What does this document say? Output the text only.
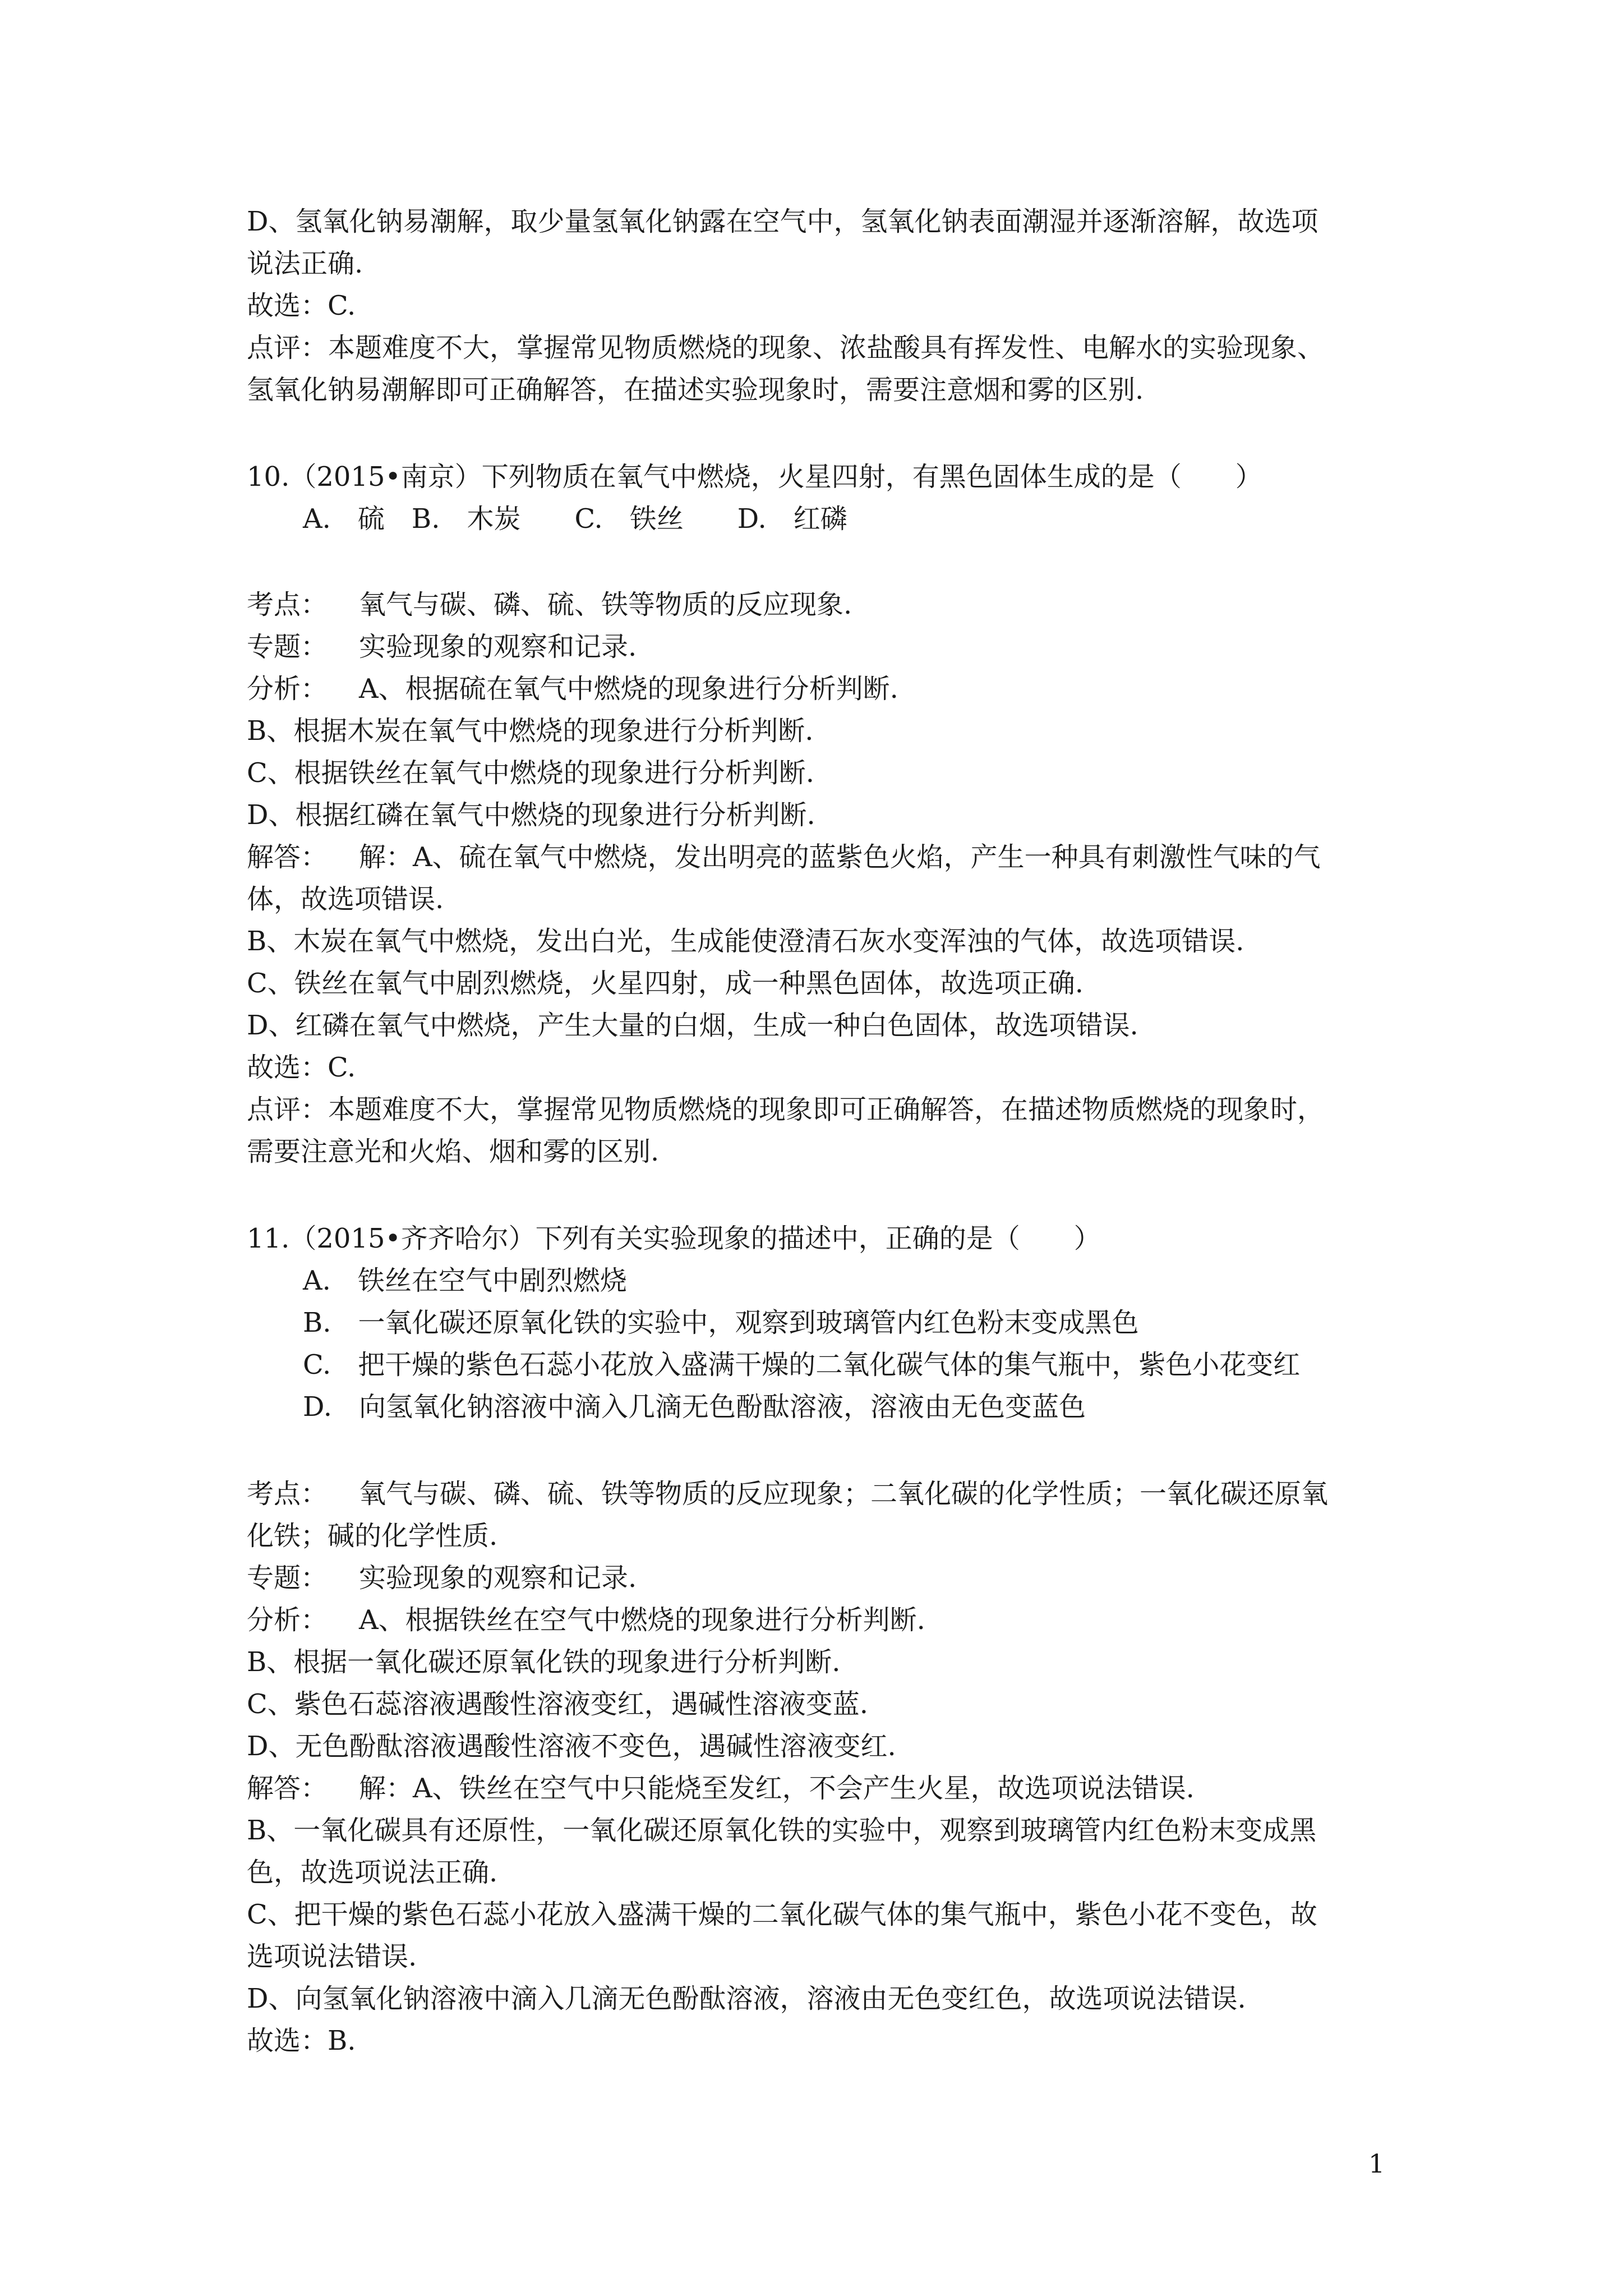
D、氢氧化钠易潮解，取少量氢氧化钠露在空气中，氢氧化钠表面潮湿并逐渐溶解，故选项
说法正确.
故选：C.
点评：本题难度不大，掌握常见物质燃烧的现象、浓盐酸具有挥发性、电解水的实验现象、
氢氧化钠易潮解即可正确解答，在描述实验现象时，需要注意烟和雾的区别.
10.（2015•南京）下列物质在氧气中燃烧，火星四射，有黑色固体生成的是（　　）
A.　硫　B.　木炭　　C.　铁丝　　D.　红磷
考点： 氧气与碳、磷、硫、铁等物质的反应现象.
专题： 实验现象的观察和记录.
分析： A、根据硫在氧气中燃烧的现象进行分析判断.
B、根据木炭在氧气中燃烧的现象进行分析判断.
C、根据铁丝在氧气中燃烧的现象进行分析判断.
D、根据红磷在氧气中燃烧的现象进行分析判断.
解答： 解：A、硫在氧气中燃烧，发出明亮的蓝紫色火焰，产生一种具有刺激性气味的气
体，故选项错误.
B、木炭在氧气中燃烧，发出白光，生成能使澄清石灰水变浑浊的气体，故选项错误.
C、铁丝在氧气中剧烈燃烧，火星四射，成一种黑色固体，故选项正确.
D、红磷在氧气中燃烧，产生大量的白烟，生成一种白色固体，故选项错误.
故选：C.
点评：本题难度不大，掌握常见物质燃烧的现象即可正确解答，在描述物质燃烧的现象时，
需要注意光和火焰、烟和雾的区别.
11.（2015•齐齐哈尔）下列有关实验现象的描述中，正确的是（　　）
A.　铁丝在空气中剧烈燃烧
B.　一氧化碳还原氧化铁的实验中，观察到玻璃管内红色粉末变成黑色
C.　把干燥的紫色石蕊小花放入盛满干燥的二氧化碳气体的集气瓶中，紫色小花变红
D.　向氢氧化钠溶液中滴入几滴无色酚酞溶液，溶液由无色变蓝色
考点： 氧气与碳、磷、硫、铁等物质的反应现象；二氧化碳的化学性质；一氧化碳还原氧
化铁；碱的化学性质.
专题： 实验现象的观察和记录.
分析： A、根据铁丝在空气中燃烧的现象进行分析判断.
B、根据一氧化碳还原氧化铁的现象进行分析判断.
C、紫色石蕊溶液遇酸性溶液变红，遇碱性溶液变蓝.
D、无色酚酞溶液遇酸性溶液不变色，遇碱性溶液变红.
解答： 解：A、铁丝在空气中只能烧至发红，不会产生火星，故选项说法错误.
B、一氧化碳具有还原性，一氧化碳还原氧化铁的实验中，观察到玻璃管内红色粉末变成黑
色，故选项说法正确.
C、把干燥的紫色石蕊小花放入盛满干燥的二氧化碳气体的集气瓶中，紫色小花不变色，故
选项说法错误.
D、向氢氧化钠溶液中滴入几滴无色酚酞溶液，溶液由无色变红色，故选项说法错误.
故选：B.
1
